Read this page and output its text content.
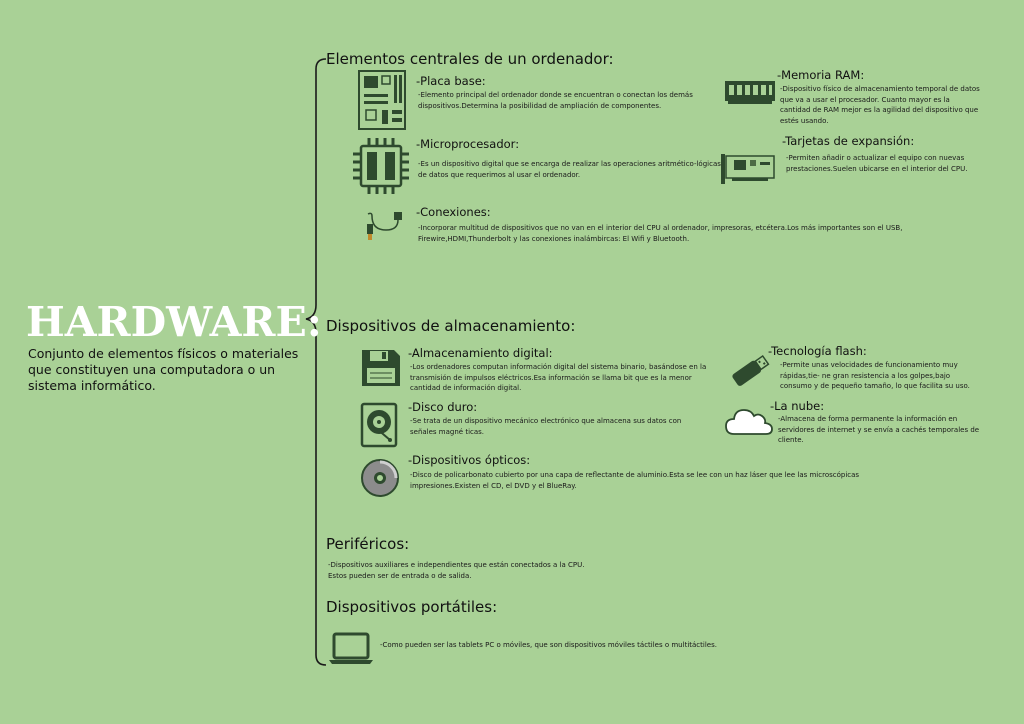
HARDWARE:
Conjunto de elementos físicos o materiales que constituyen una computadora o un sistema informático.
Elementos centrales de un ordenador:
-Placa base:
-Elemento principal del ordenador donde se encuentran o conectan los demás dispositivos.Determina la posibilidad de ampliación de componentes.
-Microprocesador:
-Es un dispositivo digital que se encarga de realizar las operaciones aritmético-lógicas de datos que requerimos al usar el ordenador.
-Conexiones:
-Incorporar multitud de dispositivos que no van en el interior del CPU al ordenador, impresoras, etcétera.Los más importantes son el USB, Firewire,HDMI,Thunderbolt y las conexiones inalámbircas: El Wifi y Bluetooth.
-Memoria RAM:
-Dispositivo físico de almacenamiento temporal de datos que va a usar el procesador. Cuanto mayor es la cantidad de RAM mejor es la agilidad del dispositivo que estés usando.
-Tarjetas de expansión:
-Permiten añadir o actualizar el equipo con nuevas prestaciones.Suelen ubicarse en el interior del CPU.
Dispositivos de almacenamiento:
-Almacenamiento digital:
-Los ordenadores computan información digital del sistema binario, basándose en la transmisión de impulsos eléctricos.Esa información se llama bit que es la menor cantidad de información digital.
-Disco duro:
-Se trata de un dispositivo mecánico electrónico que almacena sus datos con señales magné ticas.
-Dispositivos ópticos:
-Disco de policarbonato cubierto por una capa de reflectante de aluminio.Esta se lee con un haz láser que lee las microscópicas impresiones.Existen el CD, el DVD y el BlueRay.
-Tecnología flash:
-Permite unas velocidades de funcionamiento muy rápidas,tie- ne gran resistencia a los golpes,bajo consumo y de pequeño tamaño, lo que facilita su uso.
-La nube:
-Almacena de forma permanente la información en servidores de internet y se envía a cachés temporales de cliente.
Periféricos:
-Dispositivos auxiliares e independientes que están conectados a la CPU. Estos pueden ser de entrada o de salida.
Dispositivos portátiles:
-Como pueden ser las tablets PC o móviles, que son dispositivos móviles táctiles o multitáctiles.
